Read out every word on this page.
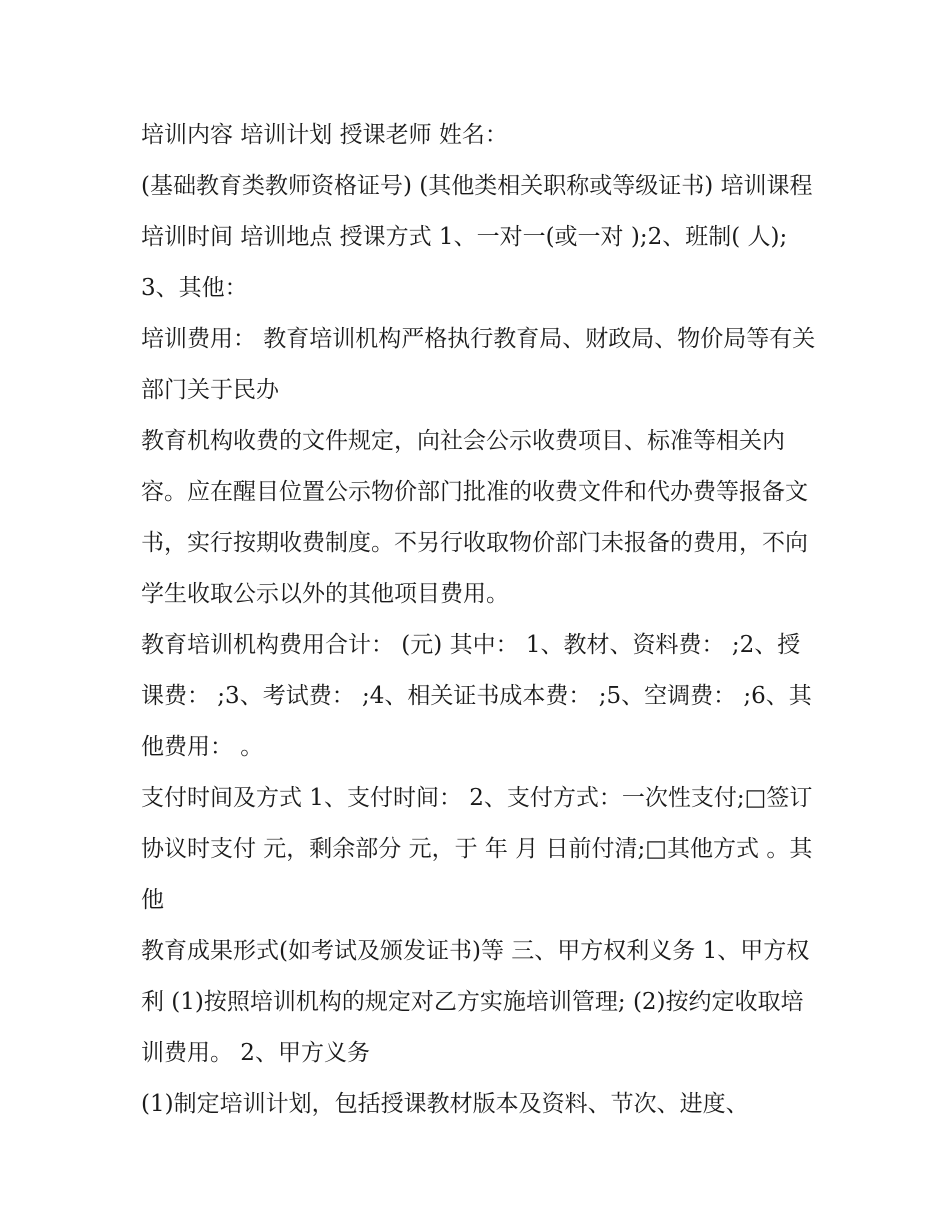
培训内容 培训计划 授课老师 姓名：

(基础教育类教师资格证号) (其他类相关职称或等级证书) 培训课程 培训时间 培训地点 授课方式 1、一对一(或一对 );2、班制( 人);3、其他：

培训费用： 教育培训机构严格执行教育局、财政局、物价局等有关部门关于民办

教育机构收费的文件规定，向社会公示收费项目、标准等相关内容。应在醒目位置公示物价部门批准的收费文件和代办费等报备文书，实行按期收费制度。不另行收取物价部门未报备的费用，不向学生收取公示以外的其他项目费用。

教育培训机构费用合计： (元) 其中： 1、教材、资料费： ;2、授课费： ;3、考试费： ;4、相关证书成本费： ;5、空调费： ;6、其他费用： 。

支付时间及方式 1、支付时间： 2、支付方式：一次性支付;□签订协议时支付 元，剩余部分 元，于 年 月 日前付清;□其他方式 。其 他

教育成果形式(如考试及颁发证书)等 三、甲方权利义务 1、甲方权利 (1)按照培训机构的规定对乙方实施培训管理; (2)按约定收取培训费用。 2、甲方义务

(1)制定培训计划，包括授课教材版本及资料、节次、进度、
